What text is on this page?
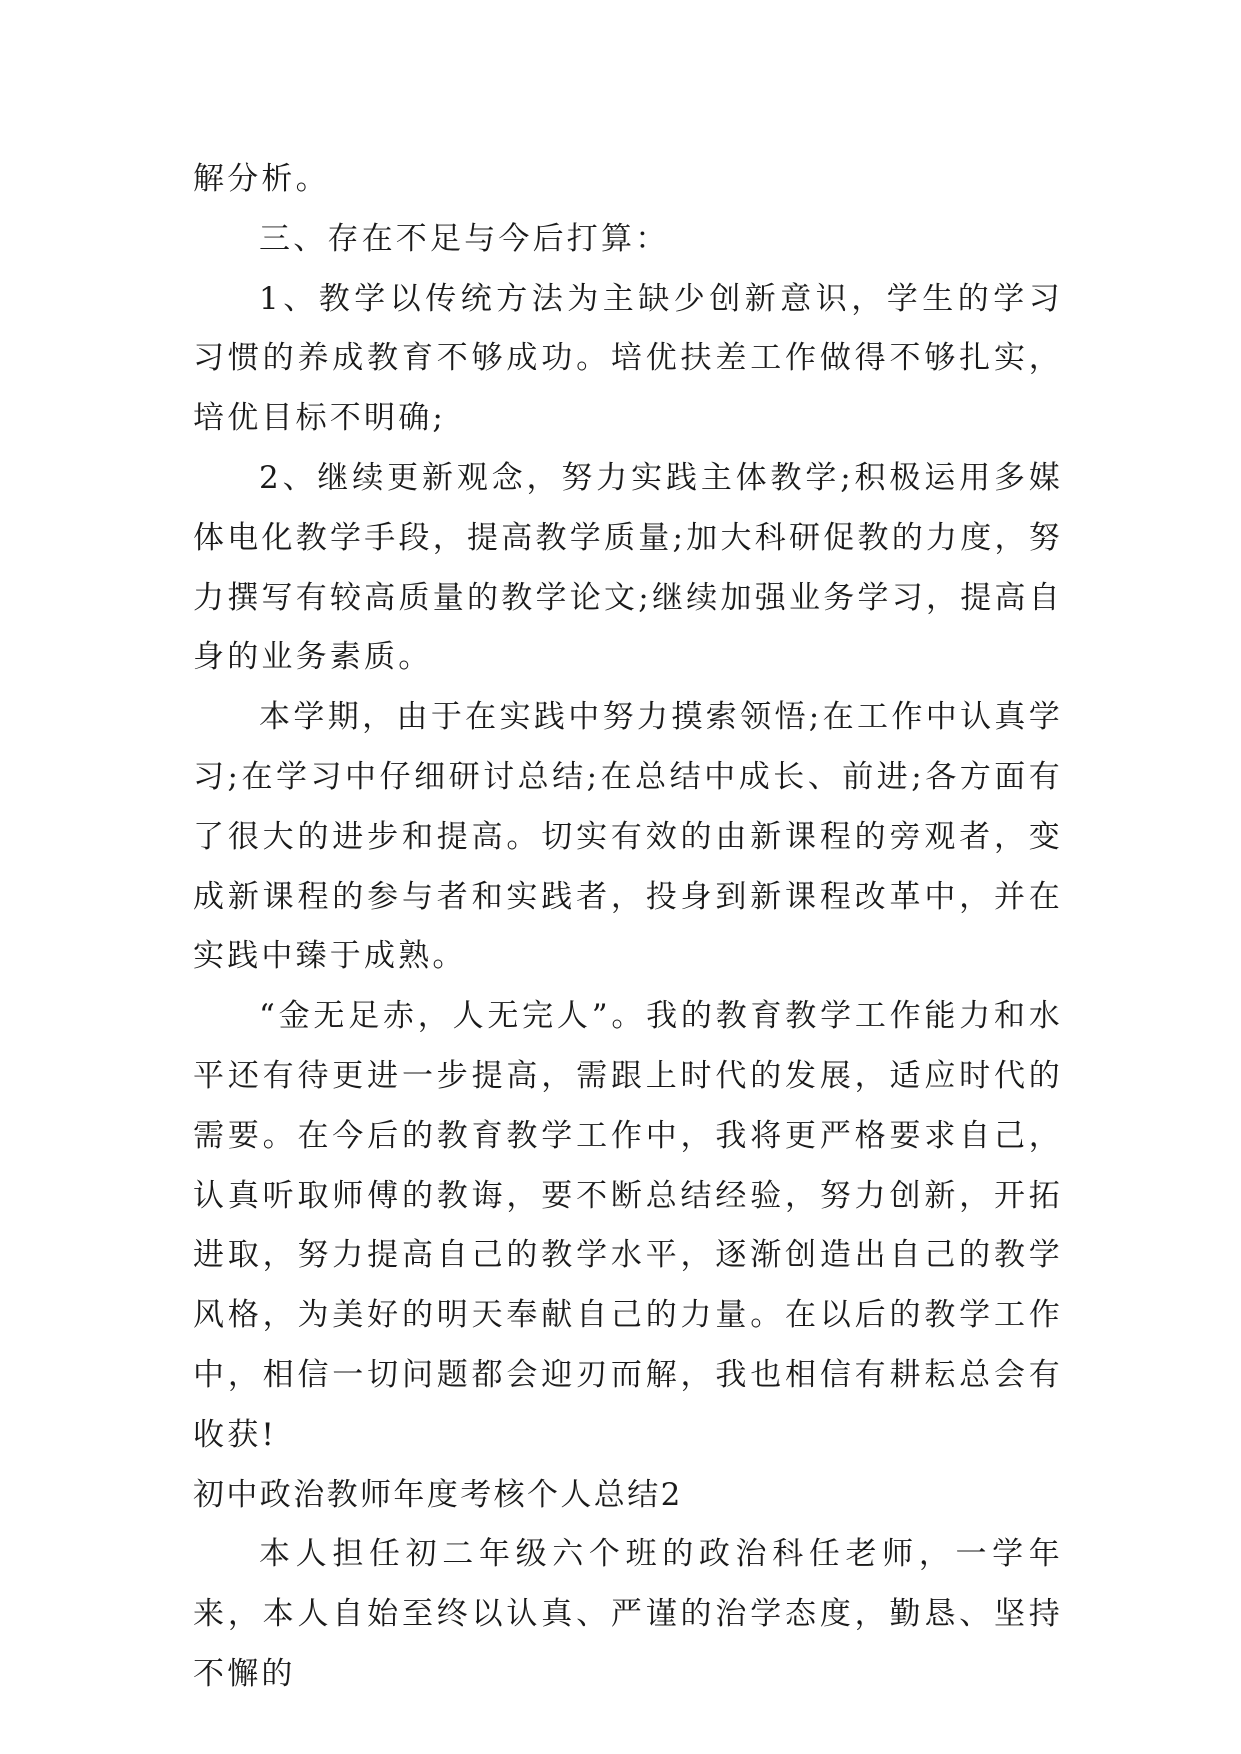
解分析。

三、存在不足与今后打算：

1、教学以传统方法为主缺少创新意识，学生的学习习惯的养成教育不够成功。培优扶差工作做得不够扎实，培优目标不明确;

2、继续更新观念，努力实践主体教学;积极运用多媒体电化教学手段，提高教学质量;加大科研促教的力度，努力撰写有较高质量的教学论文;继续加强业务学习，提高自身的业务素质。

本学期，由于在实践中努力摸索领悟;在工作中认真学习;在学习中仔细研讨总结;在总结中成长、前进;各方面有了很大的进步和提高。切实有效的由新课程的旁观者，变成新课程的参与者和实践者，投身到新课程改革中，并在实践中臻于成熟。

“金无足赤，人无完人”。我的教育教学工作能力和水平还有待更进一步提高，需跟上时代的发展，适应时代的需要。在今后的教育教学工作中，我将更严格要求自己，认真听取师傅的教诲，要不断总结经验，努力创新，开拓进取，努力提高自己的教学水平，逐渐创造出自己的教学风格，为美好的明天奉献自己的力量。在以后的教学工作中，相信一切问题都会迎刃而解，我也相信有耕耘总会有收获!

初中政治教师年度考核个人总结2

本人担任初二年级六个班的政治科任老师，一学年来，本人自始至终以认真、严谨的治学态度，勤恳、坚持不懈的
